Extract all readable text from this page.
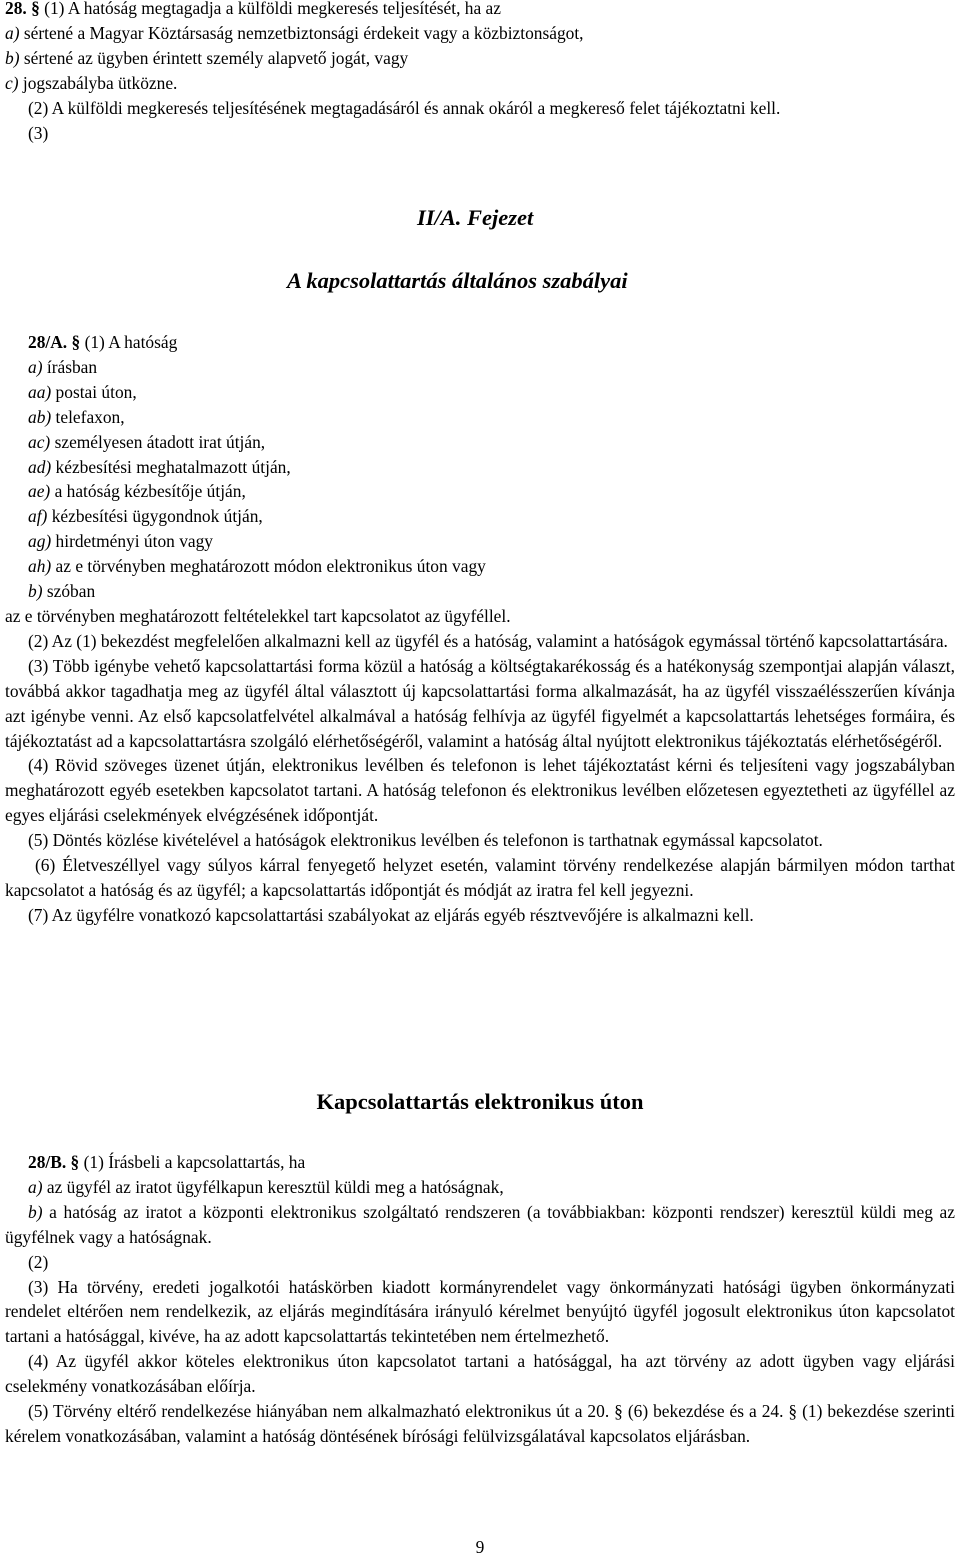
28. § (1) A hatóság megtagadja a külföldi megkeresés teljesítését, ha az

a) sértené a Magyar Köztársaság nemzetbiztonsági érdekeit vagy a közbiztonságot,

b) sértené az ügyben érintett személy alapvető jogát, vagy

c) jogszabályba ütközne.

(2) A külföldi megkeresés teljesítésének megtagadásáról és annak okáról a megkereső felet tájékoztatni kell.

(3)

II/A. Fejezet
A kapcsolattartás általános szabályai

28/A. § (1) A hatóság

a) írásban

aa) postai úton,

ab) telefaxon,

ac) személyesen átadott irat útján,

ad) kézbesítési meghatalmazott útján,

ae) a hatóság kézbesítője útján,

af) kézbesítési ügygondnok útján,

ag) hirdetményi úton vagy

ah) az e törvényben meghatározott módon elektronikus úton vagy

b) szóban

az e törvényben meghatározott feltételekkel tart kapcsolatot az ügyféllel.

(2) Az (1) bekezdést megfelelően alkalmazni kell az ügyfél és a hatóság, valamint a hatóságok egymással történő kapcsolattartására.

(3) Több igénybe vehető kapcsolattartási forma közül a hatóság a költségtakarékosság és a hatékonyság szempontjai alapján választ, továbbá akkor tagadhatja meg az ügyfél által választott új kapcsolattartási forma alkalmazását, ha az ügyfél visszaélésszerűen kívánja azt igénybe venni. Az első kapcsolatfelvétel alkalmával a hatóság felhívja az ügyfél figyelmét a kapcsolattartás lehetséges formáira, és tájékoztatást ad a kapcsolattartásra szolgáló elérhetőségéről, valamint a hatóság által nyújtott elektronikus tájékoztatás elérhetőségéről.

(4) Rövid szöveges üzenet útján, elektronikus levélben és telefonon is lehet tájékoztatást kérni és teljesíteni vagy jogszabályban meghatározott egyéb esetekben kapcsolatot tartani. A hatóság telefonon és elektronikus levélben előzetesen egyeztetheti az ügyféllel az egyes eljárási cselekmények elvégzésének időpontját.

(5) Döntés közlése kivételével a hatóságok elektronikus levélben és telefonon is tarthatnak egymással kapcsolatot.

(6) Életveszéllyel vagy súlyos kárral fenyegető helyzet esetén, valamint törvény rendelkezése alapján bármilyen módon tarthat kapcsolatot a hatóság és az ügyfél; a kapcsolattartás időpontját és módját az iratra fel kell jegyezni.

(7) Az ügyfélre vonatkozó kapcsolattartási szabályokat az eljárás egyéb résztvevőjére is alkalmazni kell.

Kapcsolattartás elektronikus úton

28/B. § (1) Írásbeli a kapcsolattartás, ha

a) az ügyfél az iratot ügyfélkapun keresztül küldi meg a hatóságnak,

b) a hatóság az iratot a központi elektronikus szolgáltató rendszeren (a továbbiakban: központi rendszer) keresztül küldi meg az ügyfélnek vagy a hatóságnak.

(2)

(3) Ha törvény, eredeti jogalkotói hatáskörben kiadott kormányrendelet vagy önkormányzati hatósági ügyben önkormányzati rendelet eltérően nem rendelkezik, az eljárás megindítására irányuló kérelmet benyújtó ügyfél jogosult elektronikus úton kapcsolatot tartani a hatósággal, kivéve, ha az adott kapcsolattartás tekintetében nem értelmezhető.

(4) Az ügyfél akkor köteles elektronikus úton kapcsolatot tartani a hatósággal, ha azt törvény az adott ügyben vagy eljárási cselekmény vonatkozásában előírja.

(5) Törvény eltérő rendelkezése hiányában nem alkalmazható elektronikus út a 20. § (6) bekezdése és a 24. § (1) bekezdése szerinti kérelem vonatkozásában, valamint a hatóság döntésének bírósági felülvizsgálatával kapcsolatos eljárásban.

9
